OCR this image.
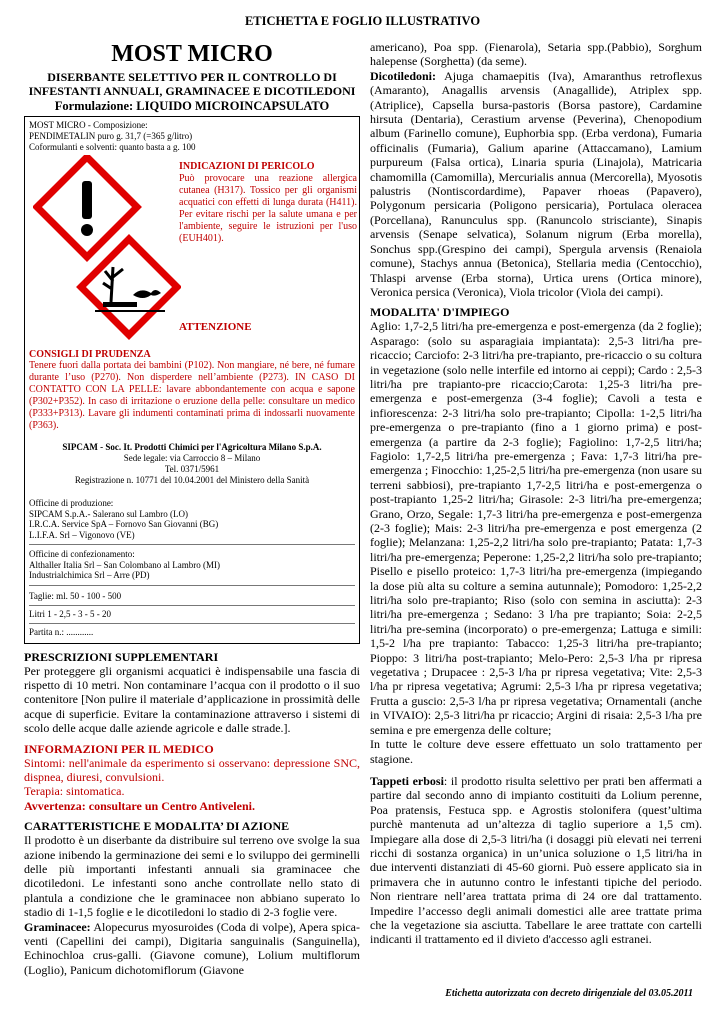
ETICHETTA E FOGLIO ILLUSTRATIVO
MOST MICRO
DISERBANTE SELETTIVO PER IL CONTROLLO DI INFESTANTI ANNUALI, GRAMINACEE E DICOTILEDONI
Formulazione: LIQUIDO MICROINCAPSULATO
MOST MICRO - Composizione:
PENDIMETALIN puro g. 31,7 (=365 g/litro)
Coformulanti e solventi: quanto basta a g. 100
INDICAZIONI DI PERICOLO
Può provocare una reazione allergica cutanea (H317). Tossico per gli organismi acquatici con effetti di lunga durata (H411). Per evitare rischi per la salute umana e per l'ambiente, seguire le istruzioni per l'uso (EUH401).
ATTENZIONE
CONSIGLI DI PRUDENZA
Tenere fuori dalla portata dei bambini (P102). Non mangiare, né bere, né fumare durante l’uso (P270). Non disperdere nell’ambiente (P273). IN CASO DI CONTATTO CON LA PELLE: lavare abbondantemente con acqua e sapone (P302+P352). In caso di irritazione o eruzione della pelle: consultare un medico (P333+P313). Lavare gli indumenti contaminati prima di indossarli nuovamente (P363).
SIPCAM - Soc. It. Prodotti Chimici per l'Agricoltura Milano S.p.A.
Sede legale: via Carroccio 8 – Milano
Tel. 0371/5961
Registrazione n. 10771 del 10.04.2001 del Ministero della Sanità
Officine di produzione:
SIPCAM S.p.A.- Salerano sul Lambro (LO)
I.R.C.A. Service SpA – Fornovo San Giovanni (BG)
L.I.F.A. Srl – Vigonovo (VE)
Officine di confezionamento:
Althaller Italia Srl – San Colombano al Lambro (MI)
Industrialchimica Srl – Arre (PD)
Taglie: ml. 50 - 100 - 500
Litri 1 - 2,5 - 3 - 5 - 20
Partita n.: ............
PRESCRIZIONI SUPPLEMENTARI

Per proteggere gli organismi acquatici è indispensabile una fascia di rispetto di 10 metri. Non contaminare l’acqua con il prodotto o il suo contenitore [Non pulire il materiale d’applicazione in prossimità delle acque di superficie. Evitare la contaminazione attraverso i sistemi di scolo delle acque dalle aziende agricole e dalle strade.].

INFORMAZIONI PER IL MEDICO

Sintomi: nell'animale da esperimento si osservano: depressione SNC, dispnea, diuresi, convulsioni.

Terapia: sintomatica.

Avvertenza: consultare un Centro Antiveleni.

CARATTERISTICHE E MODALITA’ DI AZIONE

Il prodotto è un diserbante da distribuire sul terreno ove svolge la sua azione inibendo la germinazione dei semi e lo sviluppo dei germinelli delle più importanti infestanti annuali sia graminacee che dicotiledoni. Le infestanti sono anche controllate nello stato di plantula a condizione che le graminacee non abbiano superato lo stadio di 1-1,5 foglie e le dicotiledoni lo stadio di 2-3 foglie vere.

Graminacee: Alopecurus myosuroides (Coda di volpe), Apera spica-venti (Capellini dei campi), Digitaria sanguinalis (Sanguinella), Echinochloa crus-galli. (Giavone comune), Lolium multiflorum (Loglio), Panicum dichotomiflorum (Giavone

americano), Poa spp. (Fienarola), Setaria spp.(Pabbio), Sorghum halepense (Sorghetta) (da seme).

Dicotiledoni: Ajuga chamaepitis (Iva), Amaranthus retroflexus (Amaranto), Anagallis arvensis (Anagallide), Atriplex spp.(Atriplice), Capsella bursa-pastoris (Borsa pastore), Cardamine hirsuta (Dentaria), Cerastium arvense (Peverina), Chenopodium album (Farinello comune), Euphorbia spp. (Erba verdona), Fumaria officinalis (Fumaria), Galium aparine (Attaccamano), Lamium purpureum (Falsa ortica), Linaria spuria (Linajola), Matricaria chamomilla (Camomilla), Mercurialis annua (Mercorella), Myosotis palustris (Nontiscordardime), Papaver rhoeas (Papavero), Polygonum persicaria (Poligono persicaria), Portulaca oleracea (Porcellana), Ranunculus spp. (Ranuncolo strisciante), Sinapis arvensis (Senape selvatica), Solanum nigrum (Erba morella), Sonchus spp.(Grespino dei campi), Spergula arvensis (Renaiola comune), Stachys annua (Betonica), Stellaria media (Centocchio), Thlaspi arvense (Erba storna), Urtica urens (Ortica minore), Veronica persica (Veronica), Viola tricolor (Viola dei campi).

MODALITA' D'IMPIEGO

Aglio: 1,7-2,5 litri/ha pre-emergenza e post-emergenza (da 2 foglie); Asparago: (solo su asparagiaia impiantata): 2,5-3 litri/ha pre-ricaccio; Carciofo: 2-3 litri/ha pre-trapianto, pre-ricaccio o su coltura in vegetazione (solo nelle interfile ed intorno ai ceppi); Cardo : 2,5-3 litri/ha pre trapianto-pre ricaccio;Carota: 1,25-3 litri/ha pre-emergenza e post-emergenza (3-4 foglie); Cavoli a testa e infiorescenza: 2-3 litri/ha solo pre-trapianto; Cipolla: 1-2,5 litri/ha pre-emergenza o pre-trapianto (fino a 1 giorno prima) e post-emergenza (a partire da 2-3 foglie); Fagiolino: 1,7-2,5 litri/ha; Fagiolo: 1,7-2,5 litri/ha pre-emergenza ; Fava: 1,7-3 litri/ha pre-emergenza ; Finocchio: 1,25-2,5 litri/ha pre-emergenza (non usare su terreni sabbiosi), pre-trapianto 1,7-2,5 litri/ha e post-emergenza o post-trapianto 1,25-2 litri/ha; Girasole: 2-3 litri/ha pre-emergenza; Grano, Orzo, Segale: 1,7-3 litri/ha pre-emergenza e post-emergenza (2-3 foglie); Mais: 2-3 litri/ha pre-emergenza e post emergenza (2 foglie); Melanzana: 1,25-2,2 litri/ha solo pre-trapianto; Patata: 1,7-3 litri/ha pre-emergenza; Peperone: 1,25-2,2 litri/ha solo pre-trapianto; Pisello e pisello proteico: 1,7-3 litri/ha pre-emergenza (impiegando la dose più alta su colture a semina autunnale); Pomodoro: 1,25-2,2 litri/ha solo pre-trapianto; Riso (solo con semina in asciutta): 2-3 litri/ha pre-emergenza ; Sedano: 3 l/ha pre trapianto; Soia: 2-2,5 litri/ha pre-semina (incorporato) o pre-emergenza; Lattuga e simili: 1,5-2 l/ha pre trapianto: Tabacco: 1,25-3 litri/ha pre-trapianto; Pioppo: 3 litri/ha post-trapianto; Melo-Pero: 2,5-3 l/ha pr ripresa vegetativa ; Drupacee : 2,5-3 l/ha pr ripresa vegetativa; Vite: 2,5-3 l/ha pr ripresa vegetativa; Agrumi: 2,5-3 l/ha pr ripresa vegetativa; Frutta a guscio: 2,5-3 l/ha pr ripresa vegetativa; Ornamentali (anche in VIVAIO): 2,5-3 litri/ha pr ricaccio; Argini di risaia: 2,5-3 l/ha pre semina e pre emergenza delle colture;

In tutte le colture deve essere effettuato un solo trattamento per stagione.

Tappeti erbosi: il prodotto risulta selettivo per prati ben affermati a partire dal secondo anno di impianto costituiti da Lolium perenne, Poa pratensis, Festuca spp. e Agrostis stolonifera (quest’ultima purchè mantenuta ad un’altezza di taglio superiore a 1,5 cm). Impiegare alla dose di 2,5-3 litri/ha (i dosaggi più elevati nei terreni ricchi di sostanza organica) in un’unica soluzione o 1,5 litri/ha in due interventi distanziati di 45-60 giorni. Può essere applicato sia in primavera che in autunno contro le infestanti tipiche del periodo. Non rientrare nell’area trattata prima di 24 ore dal trattamento. Impedire l’accesso degli animali domestici alle aree trattate prima che la vegetazione sia asciutta. Tabellare le aree trattate con cartelli indicanti il trattamento ed il divieto d'accesso agli estranei.

Etichetta autorizzata con decreto dirigenziale del 03.05.2011
